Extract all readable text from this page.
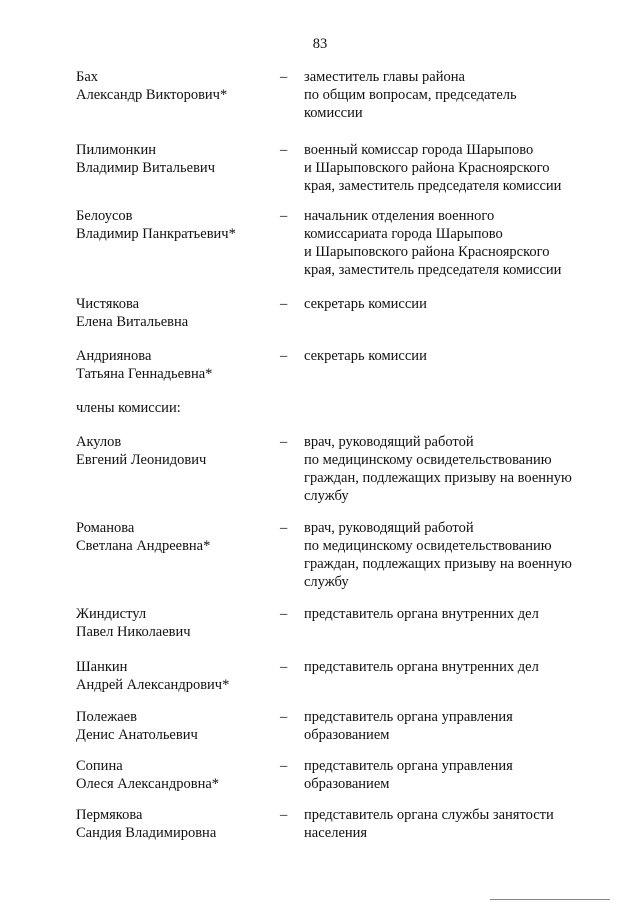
83
Бах
Александр Викторович*
– заместитель главы района
по общим вопросам, председатель
комиссии
Пилимонкин
Владимир Витальевич
– военный комиссар города Шарыпово
и Шарыповского района Красноярского
края, заместитель председателя комиссии
Белоусов
Владимир Панкратьевич*
– начальник отделения военного
комиссариата города Шарыпово
и Шарыповского района Красноярского
края, заместитель председателя комиссии
Чистякова
Елена Витальевна
– секретарь комиссии
Андриянова
Татьяна Геннадьевна*
– секретарь комиссии
Акулов
Евгений Леонидович
– врач, руководящий работой
по медицинскому освидетельствованию
граждан, подлежащих призыву на военную
службу
Романова
Светлана Андреевна*
– врач, руководящий работой
по медицинскому освидетельствованию
граждан, подлежащих призыву на военную
службу
Жиндистул
Павел Николаевич
– представитель органа внутренних дел
Шанкин
Андрей Александрович*
– представитель органа внутренних дел
Полежаев
Денис Анатольевич
– представитель органа управления
образованием
Сопина
Олеся Александровна*
– представитель органа управления
образованием
Пермякова
Сандия Владимировна
– представитель органа службы занятости
населения
члены комиссии:
